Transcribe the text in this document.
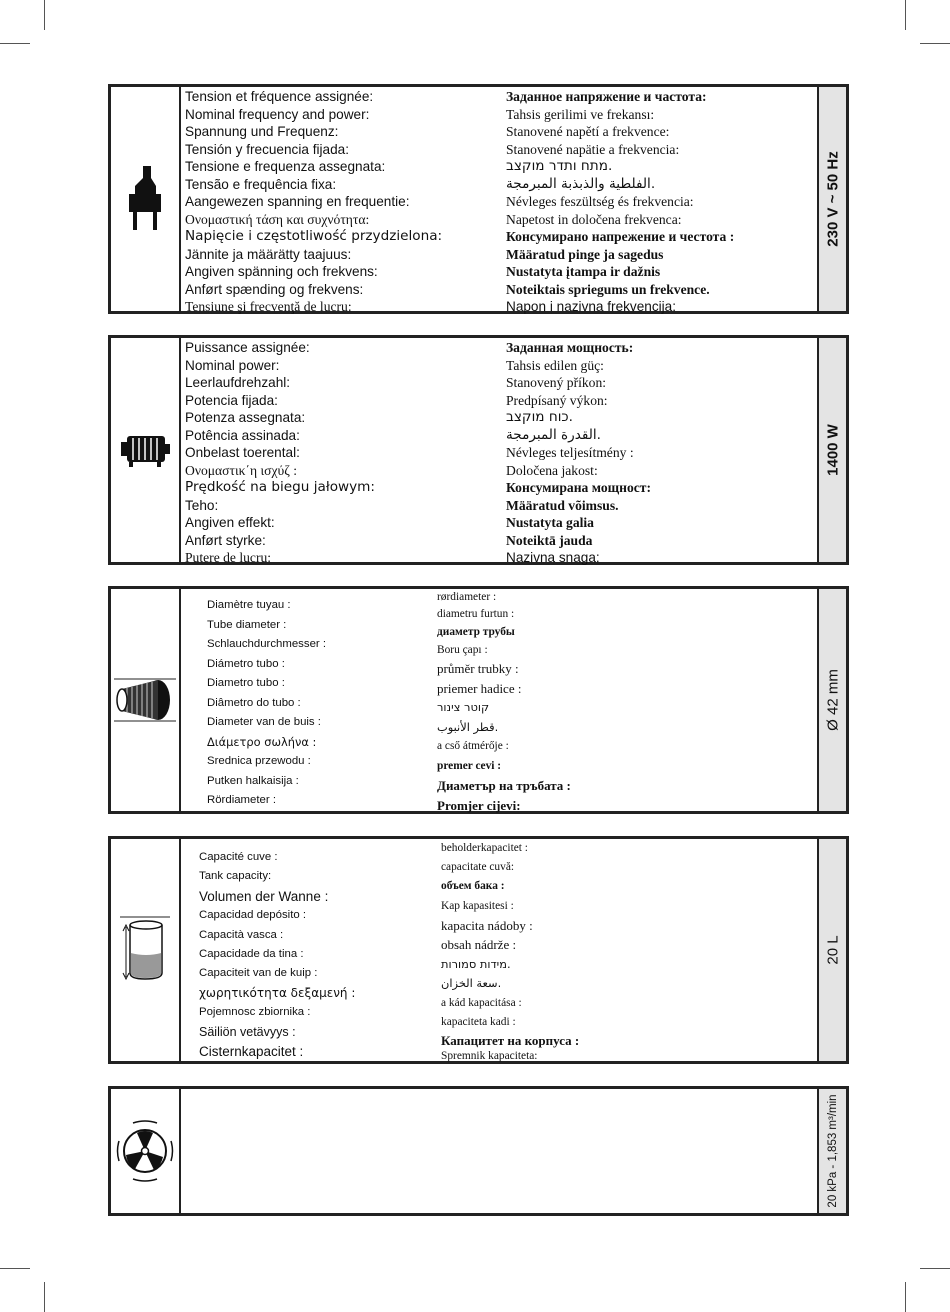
Tension et fréquence assignée:
Nominal frequency and power:
Spannung und Frequenz:
Tensión y frecuencia fijada:
Tensione e frequenza assegnata:
Tensão e frequência fixa:
Aangewezen spanning en frequentie:
Ονομαστική τάση και συχνότητα:
Napięcie i częstotliwość przydzielona:
Jännite ja määrätty taajuus:
Angiven spänning och frekvens:
Anført spænding og frekvens:
Tensiune şi frecvenţă de lucru:
Заданное напряжение и частота:
Tahsis gerilimi ve frekansı:
Stanovené napětí a frekvence:
Stanovené napätie a frekvencia:
מתח ותדר מוקצב.
الفلطية والذبذبة المبرمجة.
Névleges feszültség és frekvencia:
Napetost in določena frekvenca:
Консумирано напрежение и честота :
Määratud pinge ja sagedus
Nustatyta įtampa ir dažnis
Noteiktais spriegums un frekvence.
Napon i nazivna frekvencija:
230 V ~ 50 Hz
Puissance assignée:
Nominal power:
Leerlaufdrehzahl:
Potencia fijada:
Potenza assegnata:
Potência assinada:
Onbelast toerental:
Ονομαστικ΄η ισχύζ :
Prędkość na biegu jałowym:
Teho:
Angiven effekt:
Anført styrke:
Putere de lucru:
Заданная мощность:
Tahsis edilen güç:
Stanovený příkon:
Predpísaný výkon:
כוח מוקצב.
القدرة المبرمجة.
Névleges teljesítmény :
Določena jakost:
Консумирана мощност:
Määratud võimsus.
Nustatyta galia
Noteiktā jauda
Nazivna snaga:
1400 W
Diamètre tuyau :
Tube diameter :
Schlauchdurchmesser :
Diámetro tubo :
Diametro tubo :
Diâmetro do tubo :
Diameter van de buis :
Διάμετρο σωλήνα :
Srednica przewodu :
Putken halkaisija :
Rördiameter :
rørdiameter :
diametru furtun :
диаметр трубы
Boru çapı :
průměr trubky :
priemer hadice :
קוטר צינור
قطر الأنبوب.
a cső átmérője :
premer cevi :
Диаметър на тръбата :
Promjer cijevi:
Ø 42 mm
Capacité cuve :
Tank capacity:
Volumen der Wanne :
Capacidad depósito :
Capacità vasca :
Capacidade da tina :
Capaciteit van de kuip :
χωρητικότητα δεξαμενή :
Pojemnosc zbiornika :
Säiliön vetävyys :
Cisternkapacitet :
beholderkapacitet :
capacitate cuvă:
объем бака :
Kap kapasitesi :
kapacita nádoby :
obsah nádrže :
מידות סמורות.
سعة الخزان.
a kád kapacitása :
kapaciteta kadi :
Капацитет на корпуса :
Spremnik kapaciteta:
20 L
20 kPa - 1,853 m³/min
